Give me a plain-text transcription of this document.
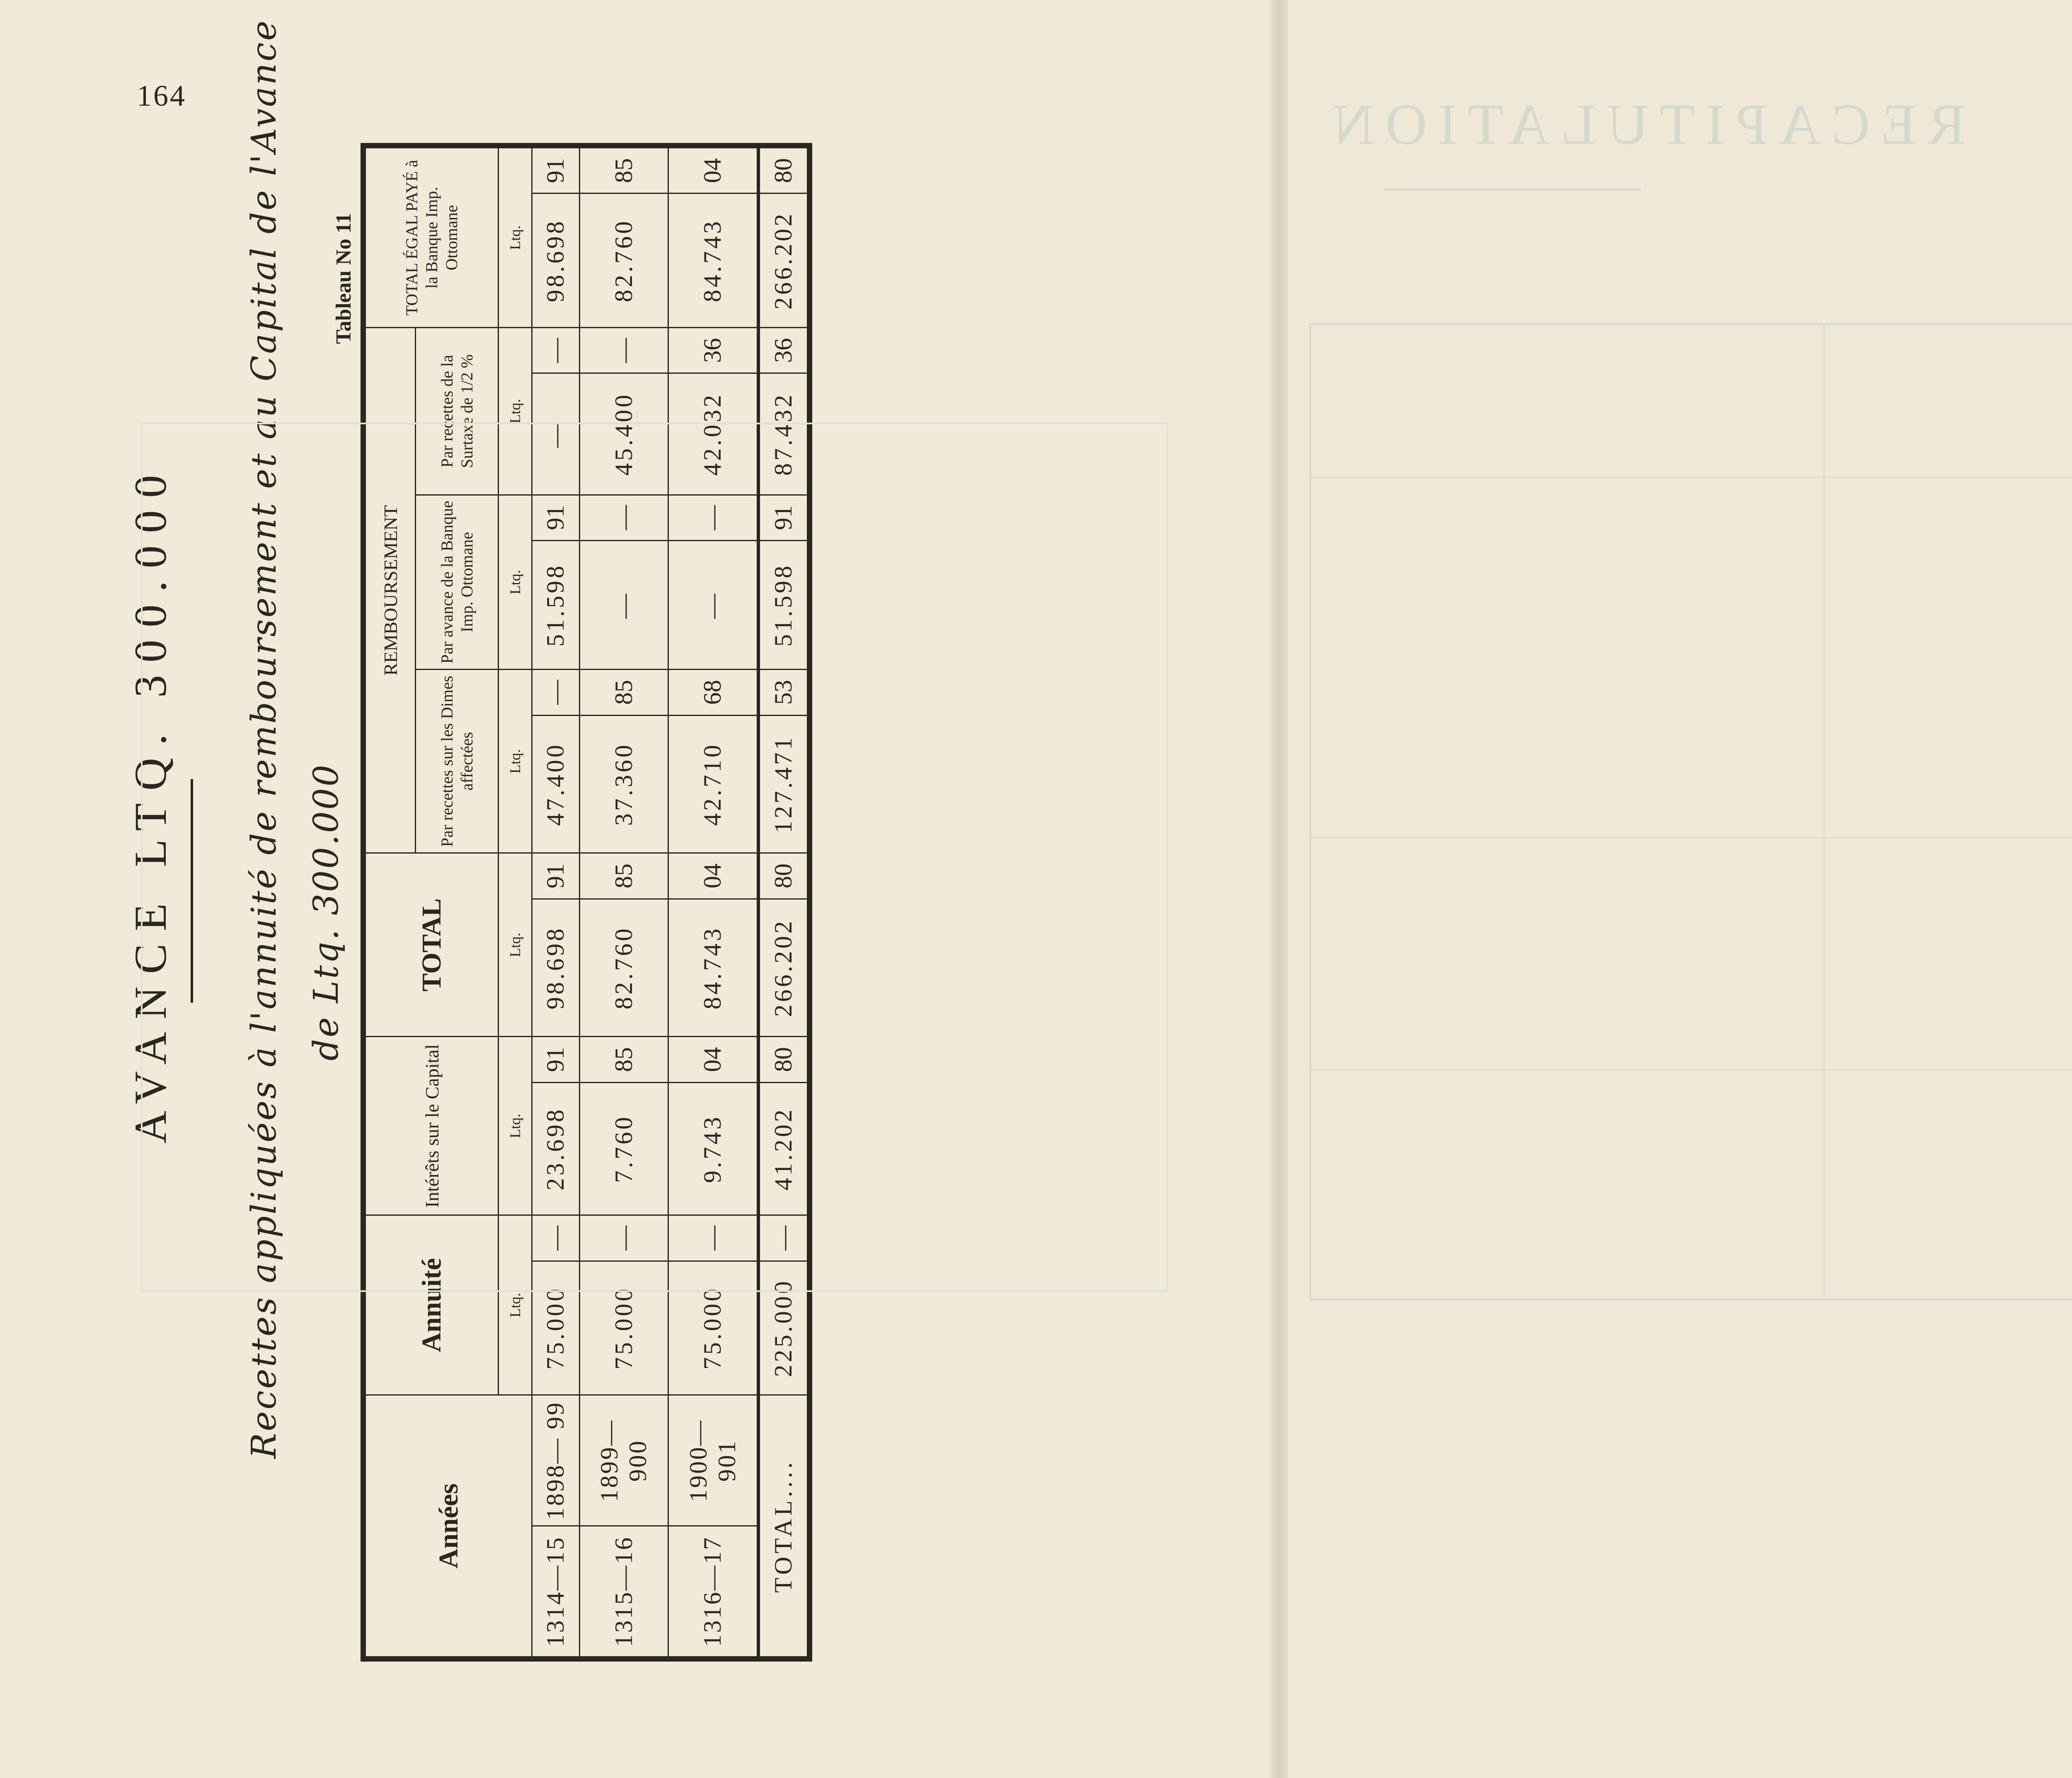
164
AVANCE LTQ. 300.000 Recettes appliquées à l'annuité de remboursement et au Capital de l'Avance de Ltq. 300.000
Tableau No 11
Années		Annuité		Intérêts sur le Capital		TOTAL		REMBOURSEMENT						TOTAL ÉGAL PAYÉ à la Banque Imp. Ottomane	
								Par recettes sur les Dimes affectées		Par avance de la Banque Imp. Ottomane		Par recettes de la Surtaxe de 1/2 %			
		Ltq.		Ltq.		Ltq.		Ltq.		Ltq.		Ltq.		Ltq.	
1314—15	1898— 99	75.000	—	23.698	91	98.698	91	47.400	—	51.598	91	—	—	98.698	91
1315—16	1899—900	75.000	—	7.760	85	82.760	85	37.360	85	—	—	45.400	—	82.760	85
1316—17	1900—901	75.000	—	9.743	04	84.743	04	42.710	68	—	—	42.032	36	84.743	04
TOTAL....		225.000	—	41.202	80	266.202	80	127.471	53	51.598	91	87.432	36	266.202	80
RECAPITULATION
